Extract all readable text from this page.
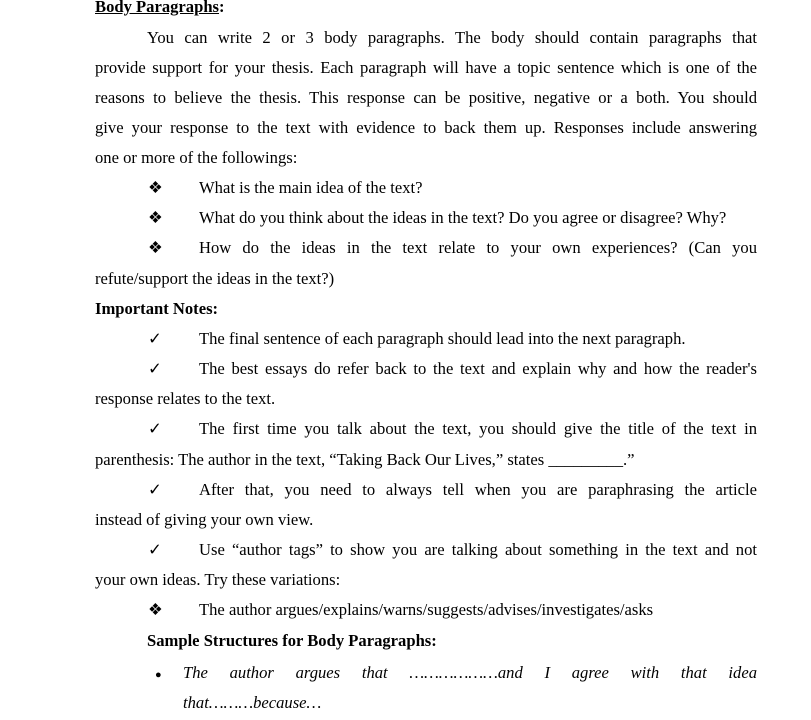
Body Paragraphs:
You can write 2 or 3 body paragraphs. The body should contain paragraphs that
provide support for your thesis. Each paragraph will have a topic sentence which is one of the
reasons to believe the thesis. This response can be positive, negative or a both. You should
give your response to the text with evidence to back them up. Responses include answering
one or more of the followings:
❖ What is the main idea of the text?
❖ What do you think about the ideas in the text? Do you agree or disagree? Why?
❖ How do the ideas in the text relate to your own experiences? (Can you
refute/support the ideas in the text?)
Important Notes:
✓ The final sentence of each paragraph should lead into the next paragraph.
✓ The best essays do refer back to the text and explain why and how the reader's
response relates to the text.
✓ The first time you talk about the text, you should give the title of the text in
parenthesis: The author in the text, “Taking Back Our Lives,” states _________.”
✓ After that, you need to always tell when you are paraphrasing the article
instead of giving your own view.
✓ Use “author tags” to show you are talking about something in the text and not
your own ideas. Try these variations:
❖ The author argues/explains/warns/suggests/advises/investigates/asks
Sample Structures for Body Paragraphs:
●	The author argues that ………………and I agree with that idea
that………because…
